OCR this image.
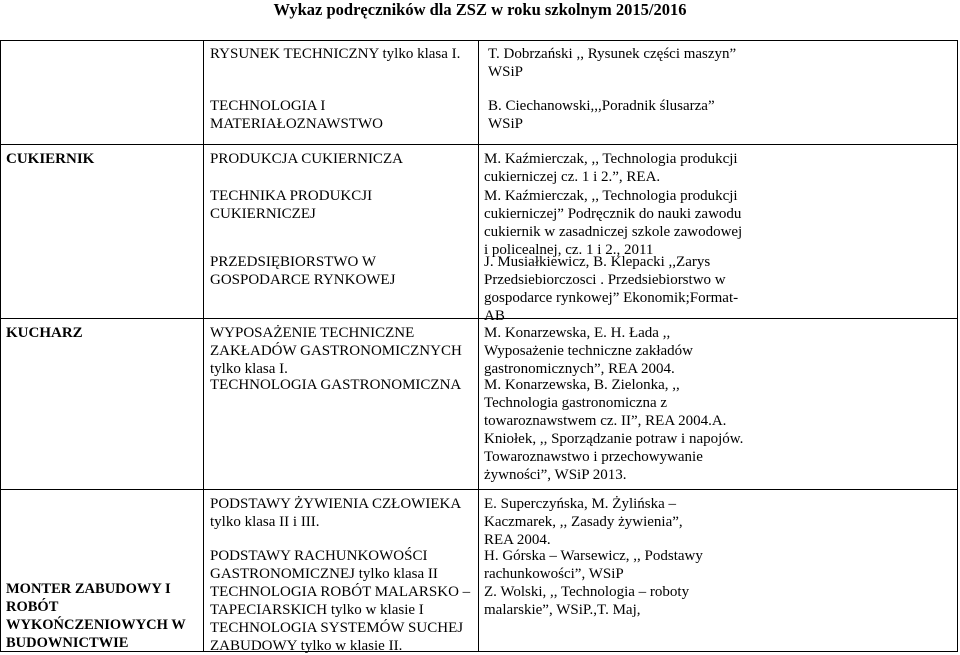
Wykaz podręczników dla ZSZ w roku szkolnym 2015/2016
RYSUNEK TECHNICZNY tylko klasa I.
TECHNOLOGIA I
MATERIAŁOZNAWSTWO
T. Dobrzański ,, Rysunek części maszyn”
WSiP
B. Ciechanowski,,,Poradnik ślusarza”
WSiP
CUKIERNIK	PRODUKCJA CUKIERNICZA
TECHNIKA PRODUKCJI
CUKIERNICZEJ
PRZEDSIĘBIORSTWO W
GOSPODARCE RYNKOWEJ
M. Kaźmierczak, ,, Technologia produkcji
cukierniczej cz. 1 i 2.”, REA.
M. Kaźmierczak, ,, Technologia produkcji
cukierniczej” Podręcznik do nauki zawodu
cukiernik w zasadniczej szkole zawodowej
i policealnej, cz. 1 i 2., 2011
J. Musiałkiewicz, B. Klepacki ,,Zarys
Przedsiebiorczosci . Przedsiebiorstwo w
gospodarce rynkowej” Ekonomik;Format-
AB
KUCHARZ	WYPOSAŻENIE TECHNICZNE
ZAKŁADÓW GASTRONOMICZNYCH
tylko klasa I.
TECHNOLOGIA GASTRONOMICZNA
M. Konarzewska, E. H. Łada ,,
Wyposażenie techniczne zakładów
gastronomicznych”, REA 2004.
M. Konarzewska, B. Zielonka, ,,
Technologia gastronomiczna z
towaroznawstwem cz. II”, REA 2004.A.
Kniołek, ,, Sporządzanie potraw i napojów.
Towaroznawstwo i przechowywanie
żywności”, WSiP 2013.
MONTER ZABUDOWY I
ROBÓT
WYKOŃCZENIOWYCH W
BUDOWNICTWIE
PODSTAWY ŻYWIENIA CZŁOWIEKA
tylko klasa II i III.
PODSTAWY RACHUNKOWOŚCI
GASTRONOMICZNEJ tylko klasa II
TECHNOLOGIA ROBÓT MALARSKO –
TAPECIARSKICH tylko w klasie I
TECHNOLOGIA SYSTEMÓW SUCHEJ
ZABUDOWY tylko w klasie II.
E. Superczyńska, M. Żylińska –
Kaczmarek, ,, Zasady żywienia”,
REA 2004.
H. Górska – Warsewicz, ,, Podstawy
rachunkowości”, WSiP
Z. Wolski, ,, Technologia – roboty
malarskie”, WSiP.,T. Maj,
